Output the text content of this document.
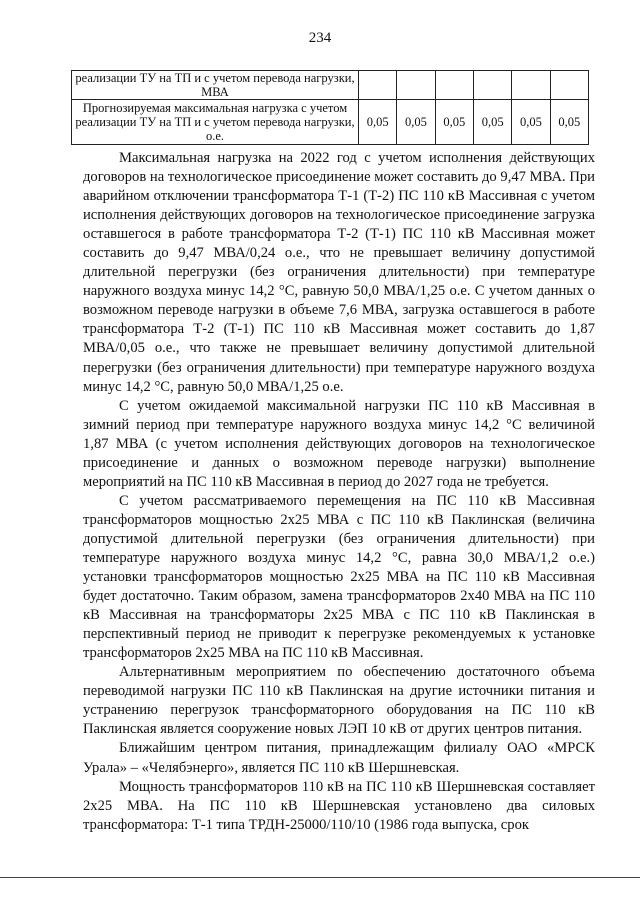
234
реализации ТУ на ТП и с учетом перевода нагрузки, МВА						
Прогнозируемая максимальная нагрузка с учетом реализации ТУ на ТП и с учетом перевода нагрузки, о.е.	0,05	0,05	0,05	0,05	0,05	0,05

Максимальная нагрузка на 2022 год с учетом исполнения действующих договоров на технологическое присоединение может составить до 9,47 МВА. При аварийном отключении трансформатора Т-1 (Т-2) ПС 110 кВ Массивная с учетом исполнения действующих договоров на технологическое присоединение загрузка оставшегося в работе трансформатора Т-2 (Т-1) ПС 110 кВ Массивная может составить до 9,47 МВА/0,24 о.е., что не превышает величину допустимой длительной перегрузки (без ограничения длительности) при температуре наружного воздуха минус 14,2 °С, равную 50,0 МВА/1,25 о.е. С учетом данных о возможном переводе нагрузки в объеме 7,6 МВА, загрузка оставшегося в работе трансформатора Т-2 (Т-1) ПС 110 кВ Массивная может составить до 1,87 МВА/0,05 о.е., что также не превышает величину допустимой длительной перегрузки (без ограничения длительности) при температуре наружного воздуха минус 14,2 °С, равную 50,0 МВА/1,25 о.е.

С учетом ожидаемой максимальной нагрузки ПС 110 кВ Массивная в зимний период при температуре наружного воздуха минус 14,2 °С величиной 1,87 МВА (с учетом исполнения действующих договоров на технологическое присоединение и данных о возможном переводе нагрузки) выполнение мероприятий на ПС 110 кВ Массивная в период до 2027 года не требуется.

С учетом рассматриваемого перемещения на ПС 110 кВ Массивная трансформаторов мощностью 2х25 МВА с ПС 110 кВ Паклинская (величина допустимой длительной перегрузки (без ограничения длительности) при температуре наружного воздуха минус 14,2 °С, равна 30,0 МВА/1,2 о.е.) установки трансформаторов мощностью 2х25 МВА на ПС 110 кВ Массивная будет достаточно. Таким образом, замена трансформаторов 2х40 МВА на ПС 110 кВ Массивная на трансформаторы 2х25 МВА с ПС 110 кВ Паклинская в перспективный период не приводит к перегрузке рекомендуемых к установке трансформаторов 2х25 МВА на ПС 110 кВ Массивная.

Альтернативным мероприятием по обеспечению достаточного объема переводимой нагрузки ПС 110 кВ Паклинская на другие источники питания и устранению перегрузок трансформаторного оборудования на ПС 110 кВ Паклинская является сооружение новых ЛЭП 10 кВ от других центров питания.

Ближайшим центром питания, принадлежащим филиалу ОАО «МРСК Урала» – «Челябэнерго», является ПС 110 кВ Шершневская.

Мощность трансформаторов 110 кВ на ПС 110 кВ Шершневская составляет 2х25 МВА. На ПС 110 кВ Шершневская установлено два силовых трансформатора: Т-1 типа ТРДН-25000/110/10 (1986 года выпуска, срок
